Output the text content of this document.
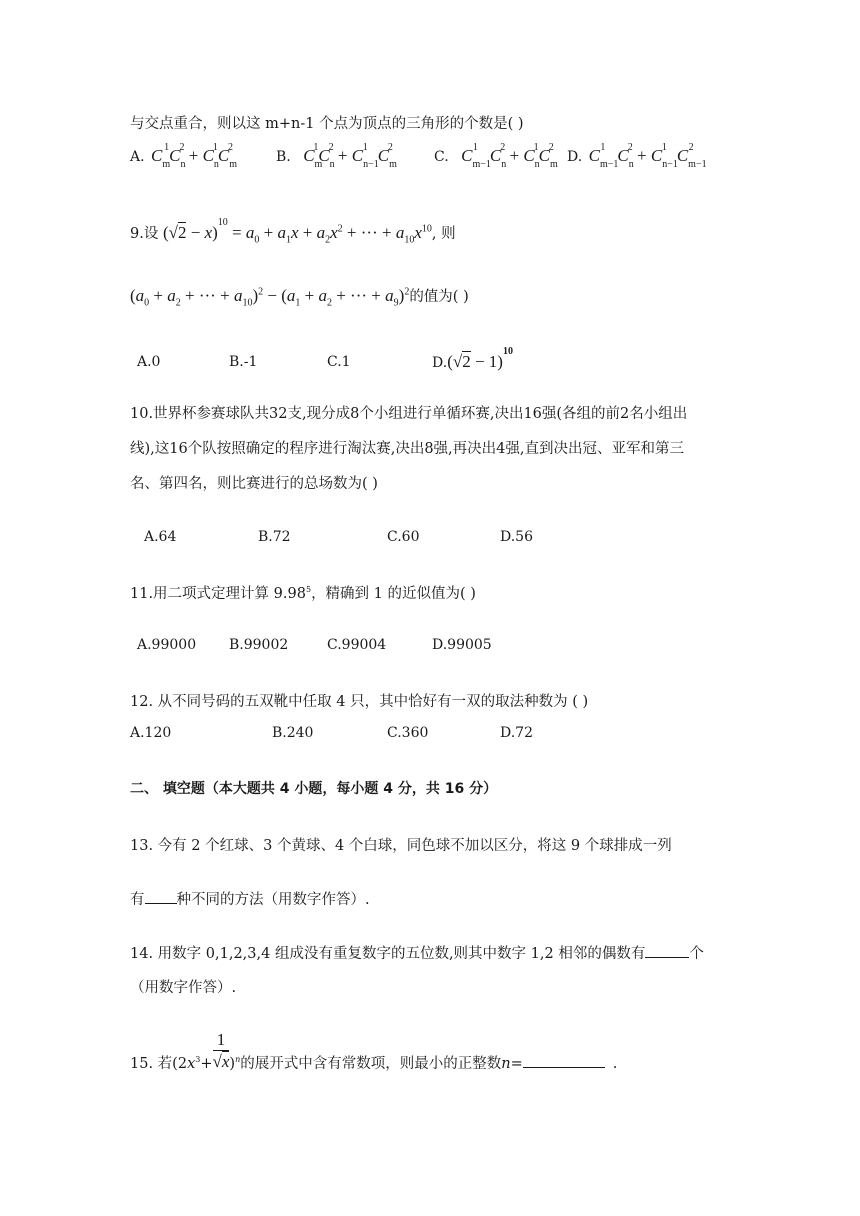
与交点重合，则以这 m+n-1 个点为顶点的三角形的个数是( )
A. $C_m^1C_n^2 + C_n^1C_m^2$
B. $C_m^1C_n^2 + C_{n-1}^1$ $C_m^2$
C. $C_{m-1}^1$ $C_n^2 + C_n^1C_m^2$
D. $C_{m-1}^1$ $C_n^2 + C_{n-1}^1$ $C_{m-1}^2$
9.设 $(√2 - x)^{10} = a_0 + a_1x + a_2x^2$ + ··· + $a_{10}x^{10}$, 则
($a_0 + a_2$ + ··· + $a_{10})^2 - (a_1 + a_2$ + ··· + $a_9)^2$的值为( )
A.0	B.-1	C.1	$D.(√2 - 1)^{10}$
10.世界杯参赛球队共32支,现分成8个小组进行单循环赛,决出16强(各组的前2名小组出
线),这16个队按照确定的程序进行淘汰赛,决出8强,再决出4强,直到决出冠、亚军和第三
名、第四名，则比赛进行的总场数为( )
A.64	B.72	C.60	D.56
11.用二项式定理计算 9.98$^5$，精确到 1 的近似值为( )
A.99000 B.99002	C.99004	D.99005
12. 从不同号码的五双靴中任取 4 只，其中恰好有一双的取法种数为 ( )
A.120	B.240	C.360	D.72
二、 填空题（本大题共 4 小题，每小题 4 分，共 16 分）
13. 今有 2 个红球、3 个黄球、4 个白球，同色球不加以区分，将这 9 个球排成一列
有 种不同的方法（用数字作答）.
14. 用数字 0,1,2,3,4 组成没有重复数字的五位数,则其中数字 1,2 相邻的偶数有	个
（用数字作答）.
15. 若$(2x^3+ \frac{1}{√x} )^n$的展开式中含有常数项，则最小的正整数n=	.
